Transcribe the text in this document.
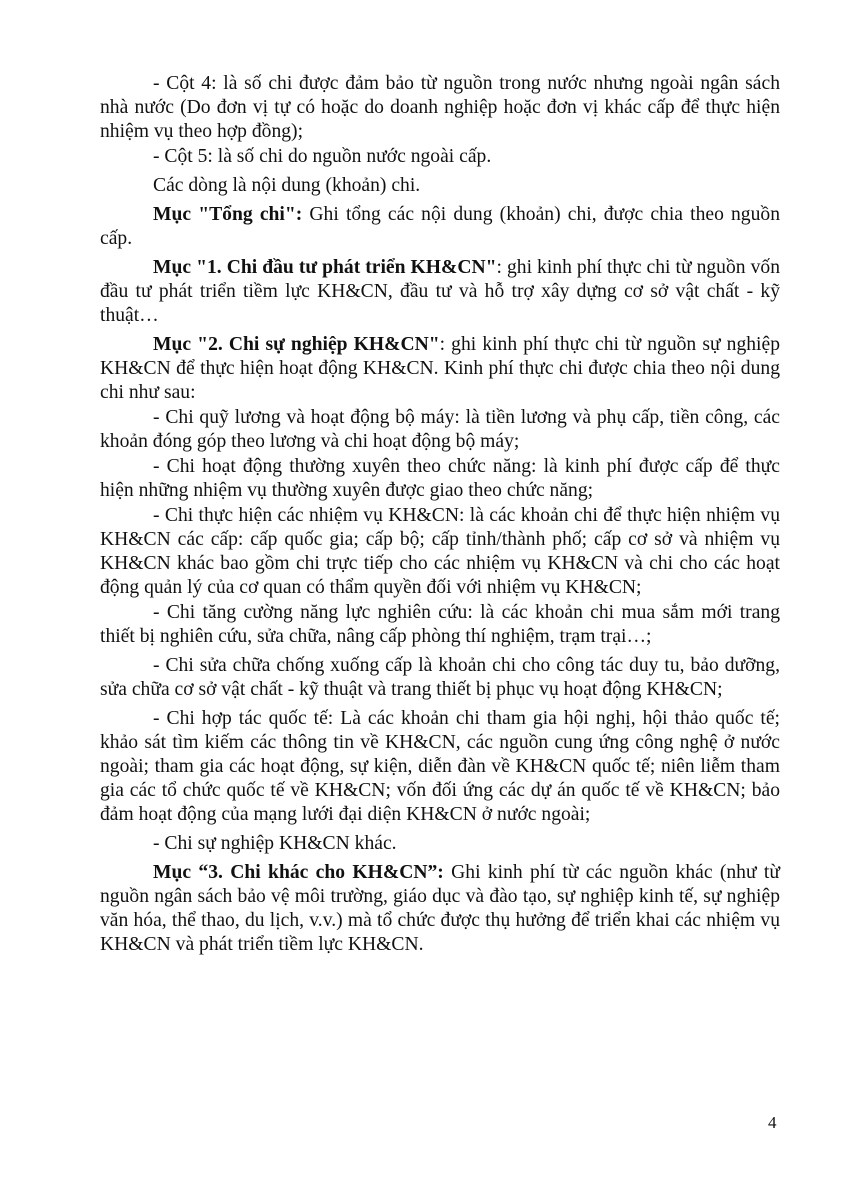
- Cột 4: là số chi được đảm bảo từ nguồn trong nước nhưng ngoài ngân sách nhà nước (Do đơn vị tự có hoặc do doanh nghiệp hoặc đơn vị khác cấp để thực hiện nhiệm vụ theo hợp đồng);

- Cột 5: là số chi do nguồn nước ngoài cấp.

Các dòng là nội dung (khoản) chi.

Mục "Tổng chi": Ghi tổng các nội dung (khoản) chi, được chia theo nguồn cấp.

Mục "1. Chi đầu tư phát triển KH&CN": ghi kinh phí thực chi từ nguồn vốn đầu tư phát triển tiềm lực KH&CN, đầu tư và hỗ trợ xây dựng cơ sở vật chất - kỹ thuật…

Mục "2. Chi sự nghiệp KH&CN": ghi kinh phí thực chi từ nguồn sự nghiệp KH&CN để thực hiện hoạt động KH&CN. Kinh phí thực chi được chia theo nội dung chi như sau:

- Chi quỹ lương và hoạt động bộ máy: là tiền lương và phụ cấp, tiền công, các khoản đóng góp theo lương và chi hoạt động bộ máy;

- Chi hoạt động thường xuyên theo chức năng: là kinh phí được cấp để thực hiện những nhiệm vụ thường xuyên được giao theo chức năng;

- Chi thực hiện các nhiệm vụ KH&CN: là các khoản chi để thực hiện nhiệm vụ KH&CN các cấp: cấp quốc gia; cấp bộ; cấp tỉnh/thành phố; cấp cơ sở và nhiệm vụ KH&CN khác bao gồm chi trực tiếp cho các nhiệm vụ KH&CN và chi cho các hoạt động quản lý của cơ quan có thẩm quyền đối với nhiệm vụ KH&CN;

- Chi tăng cường năng lực nghiên cứu: là các khoản chi mua sắm mới trang thiết bị nghiên cứu, sửa chữa, nâng cấp phòng thí nghiệm, trạm trại…;

- Chi sửa chữa chống xuống cấp là khoản chi cho công tác duy tu, bảo dưỡng, sửa chữa cơ sở vật chất - kỹ thuật và trang thiết bị phục vụ hoạt động KH&CN;

- Chi hợp tác quốc tế: Là các khoản chi tham gia hội nghị, hội thảo quốc tế; khảo sát tìm kiếm các thông tin về KH&CN, các nguồn cung ứng công nghệ ở nước ngoài; tham gia các hoạt động, sự kiện, diễn đàn về KH&CN quốc tế; niên liễm tham gia các tổ chức quốc tế về KH&CN; vốn đối ứng các dự án quốc tế về KH&CN; bảo đảm hoạt động của mạng lưới đại diện KH&CN ở nước ngoài;

- Chi sự nghiệp KH&CN khác.

Mục “3. Chi khác cho KH&CN”: Ghi kinh phí từ các nguồn khác (như từ nguồn ngân sách bảo vệ môi trường, giáo dục và đào tạo, sự nghiệp kinh tế, sự nghiệp văn hóa, thể thao, du lịch, v.v.) mà tổ chức được thụ hưởng để triển khai các nhiệm vụ KH&CN và phát triển tiềm lực KH&CN.

4
